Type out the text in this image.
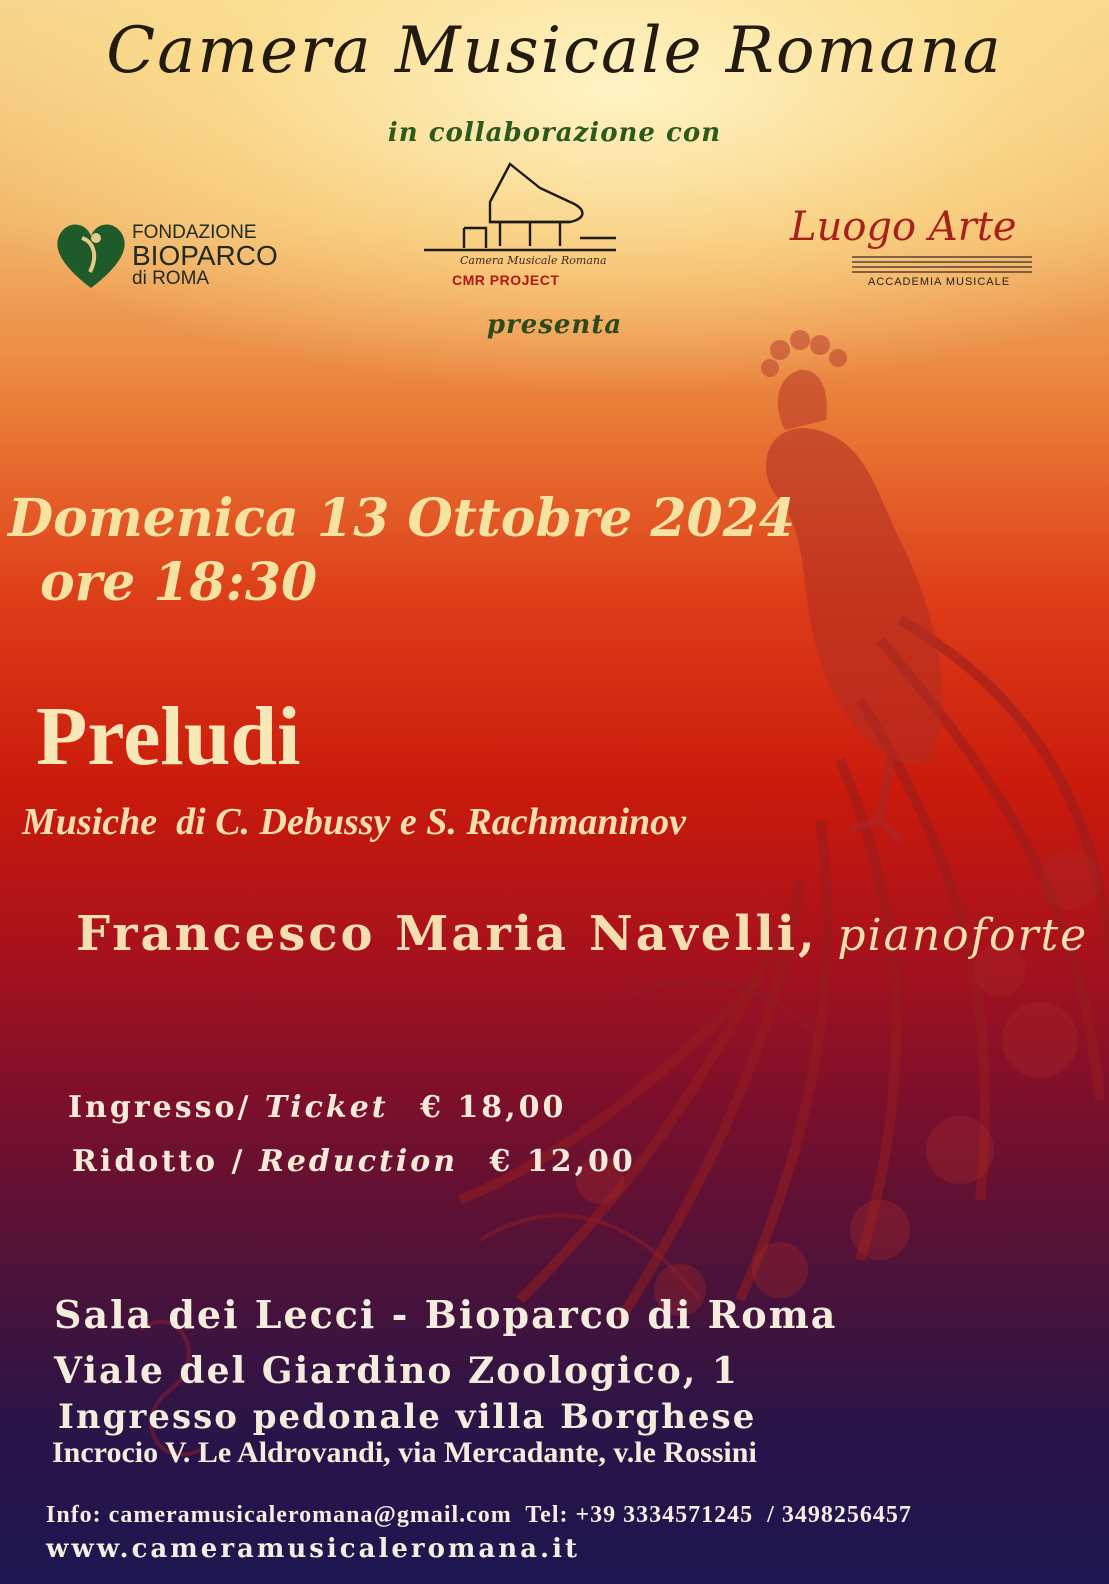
Camera Musicale Romana
in collaborazione con
FONDAZIONE
BIOPARCO
di ROMA
Camera Musicale Romana
CMR PROJECT
Luogo Arte
ACCADEMIA MUSICALE
presenta
Domenica 13 Ottobre 2024
ore 18:30
Preludi
Musiche  di C. Debussy e S. Rachmaninov
Francesco Maria Navelli, pianoforte
Ingresso/ Ticket € 18,00
Ridotto / Reduction € 12,00
Sala dei Lecci - Bioparco di Roma
Viale del Giardino Zoologico, 1
Ingresso pedonale villa Borghese
Incrocio V. Le Aldrovandi, via Mercadante, v.le Rossini
Info: cameramusicaleromana@gmail.com  Tel: +39 3334571245  / 3498256457
www.cameramusicaleromana.it
